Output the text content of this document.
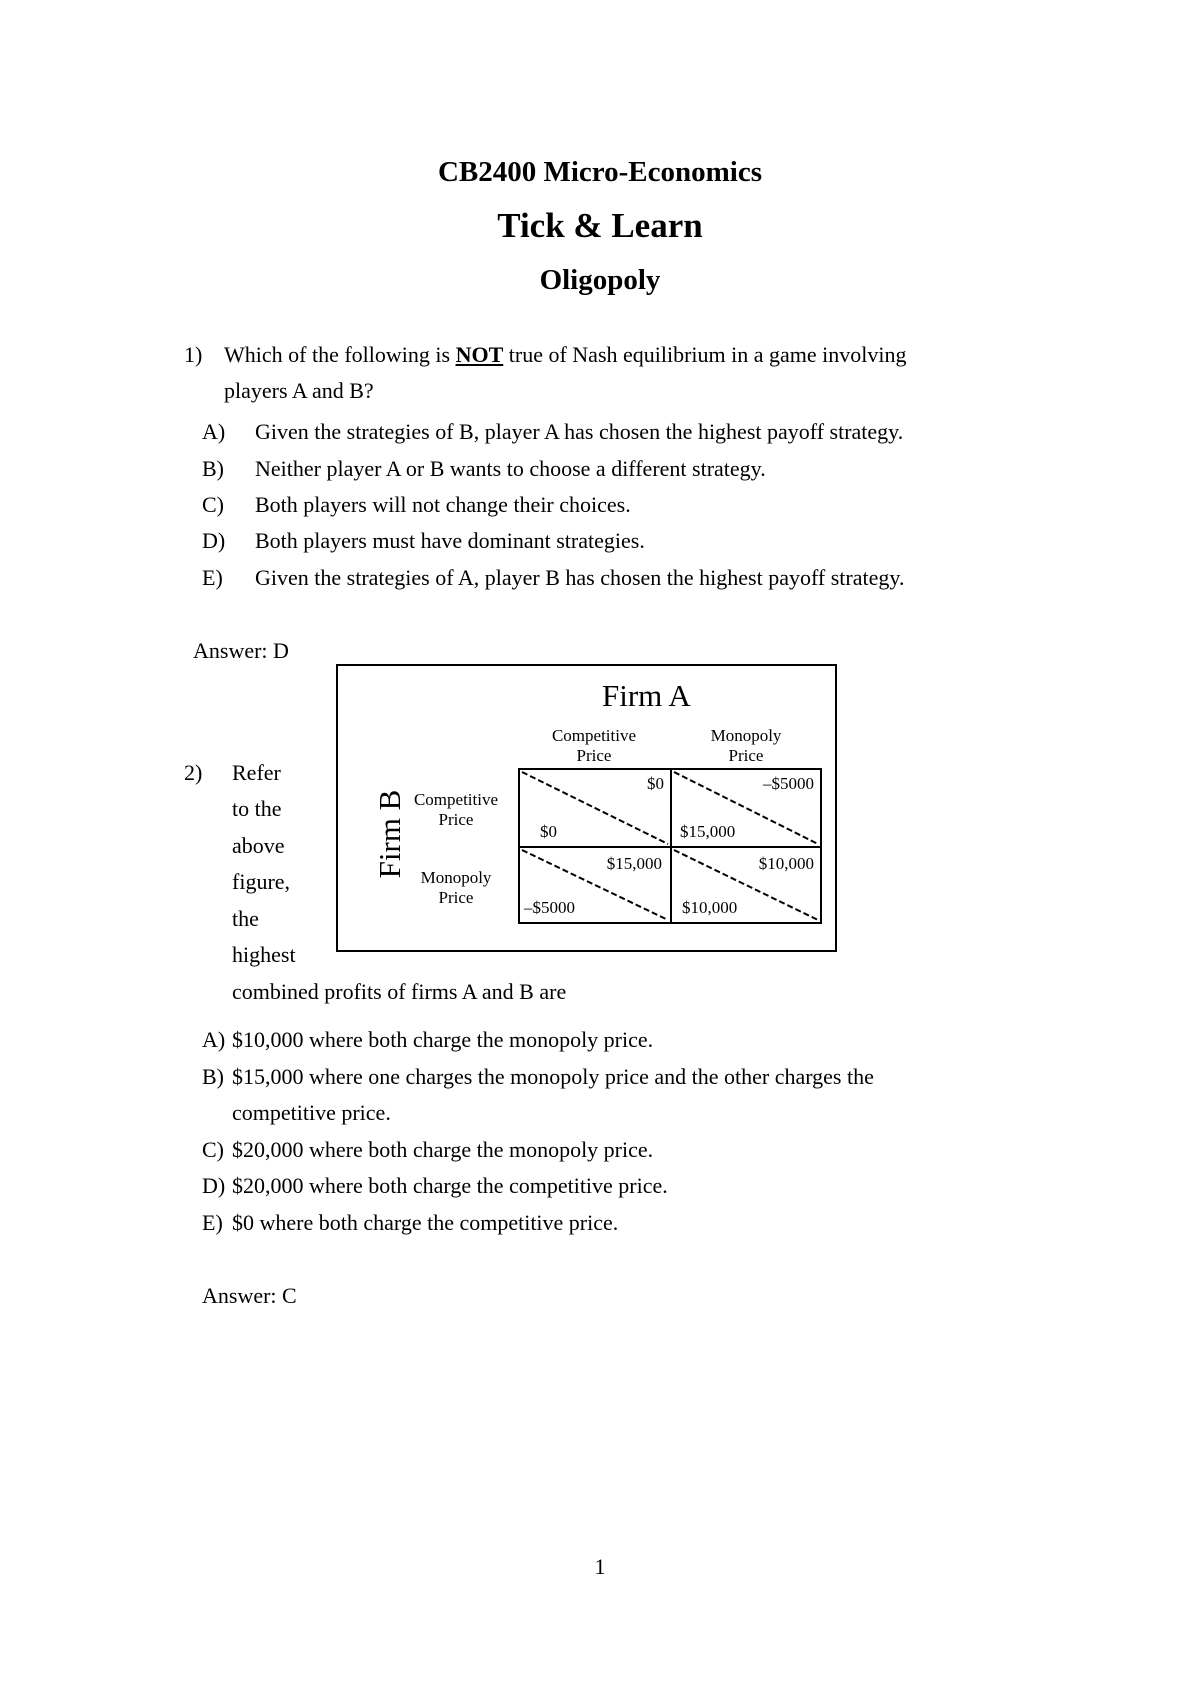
CB2400 Micro-Economics
Tick & Learn
Oligopoly
1) Which of the following is NOT true of Nash equilibrium in a game involving
players A and B?
A) Given the strategies of B, player A has chosen the highest payoff strategy.
B) Neither player A or B wants to choose a different strategy.
C) Both players will not change their choices.
D) Both players must have dominant strategies.
E) Given the strategies of A, player B has chosen the highest payoff strategy.
Answer: D
Firm A
Competitive
Price
Monopoly
Price
Firm B Competitive
Price
Monopoly
Price
$0
$0
–$5000
$15,000
$15,000
–$5000
$10,000
$10,000
2) Refer
to the
above
figure,
the
highest
combined profits of firms A and B are
A) $10,000 where both charge the monopoly price.
B) $15,000 where one charges the monopoly price and the other charges the
competitive price.
C) $20,000 where both charge the monopoly price.
D) $20,000 where both charge the competitive price.
E) $0 where both charge the competitive price.
Answer: C
1
